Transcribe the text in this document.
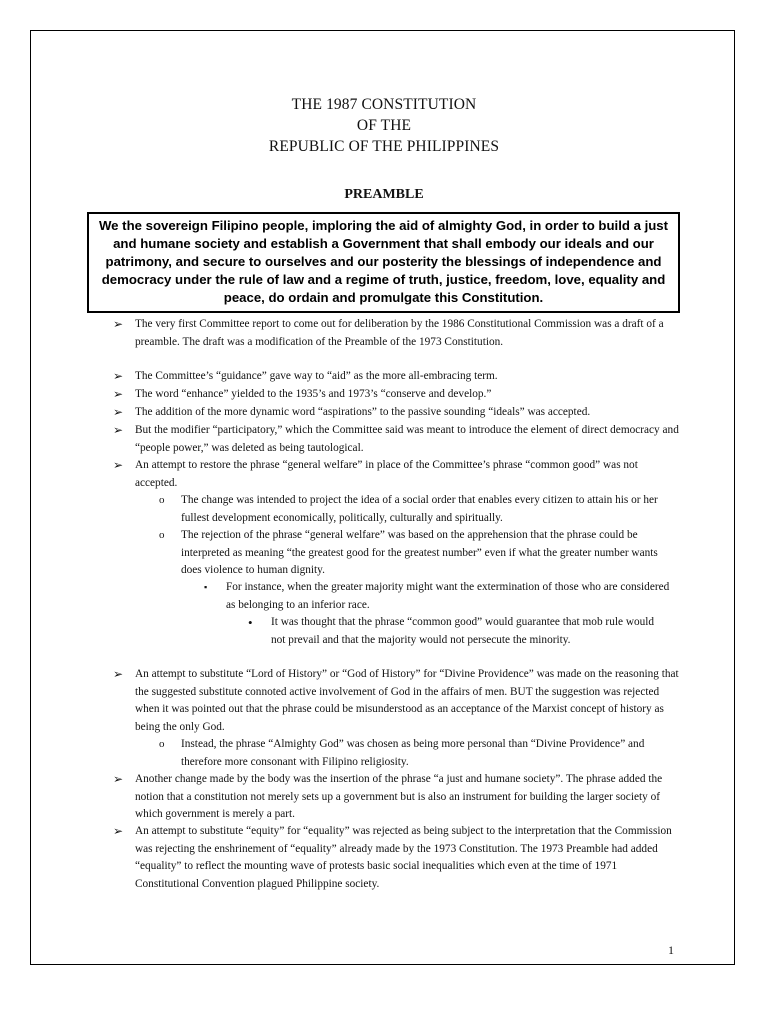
THE 1987 CONSTITUTION
OF THE
REPUBLIC OF THE PHILIPPINES
PREAMBLE
We the sovereign Filipino people, imploring the aid of almighty God, in order to build a just and humane society and establish a Government that shall embody our ideals and our patrimony, and secure to ourselves and our posterity the blessings of independence and democracy under the rule of law and a regime of truth, justice, freedom, love, equality and peace, do ordain and promulgate this Constitution.
➢ The very first Committee report to come out for deliberation by the 1986 Constitutional Commission was a draft of a preamble. The draft was a modification of the Preamble of the 1973 Constitution.
➢ The Committee’s “guidance” gave way to “aid” as the more all-embracing term.
➢ The word “enhance” yielded to the 1935’s and 1973’s “conserve and develop.”
➢ The addition of the more dynamic word “aspirations” to the passive sounding “ideals” was accepted.
➢ But the modifier “participatory,” which the Committee said was meant to introduce the element of direct democracy and “people power,” was deleted as being tautological.
➢ An attempt to restore the phrase “general welfare” in place of the Committee’s phrase “common good” was not accepted.
o The change was intended to project the idea of a social order that enables every citizen to attain his or her fullest development economically, politically, culturally and spiritually.
o The rejection of the phrase “general welfare” was based on the apprehension that the phrase could be interpreted as meaning “the greatest good for the greatest number” even if what the greater number wants does violence to human dignity.
▪ For instance, when the greater majority might want the extermination of those who are considered as belonging to an inferior race.
• It was thought that the phrase “common good” would guarantee that mob rule would not prevail and that the majority would not persecute the minority.
➢ An attempt to substitute “Lord of History” or “God of History” for “Divine Providence” was made on the reasoning that the suggested substitute connoted active involvement of God in the affairs of men. BUT the suggestion was rejected when it was pointed out that the phrase could be misunderstood as an acceptance of the Marxist concept of history as being the only God.
o Instead, the phrase “Almighty God” was chosen as being more personal than “Divine Providence” and therefore more consonant with Filipino religiosity.
➢ Another change made by the body was the insertion of the phrase “a just and humane society”. The phrase added the notion that a constitution not merely sets up a government but is also an instrument for building the larger society of which government is merely a part.
➢ An attempt to substitute “equity” for “equality” was rejected as being subject to the interpretation that the Commission was rejecting the enshrinement of “equality” already made by the 1973 Constitution. The 1973 Preamble had added “equality” to reflect the mounting wave of protests basic social inequalities which even at the time of 1971 Constitutional Convention plagued Philippine society.
1
